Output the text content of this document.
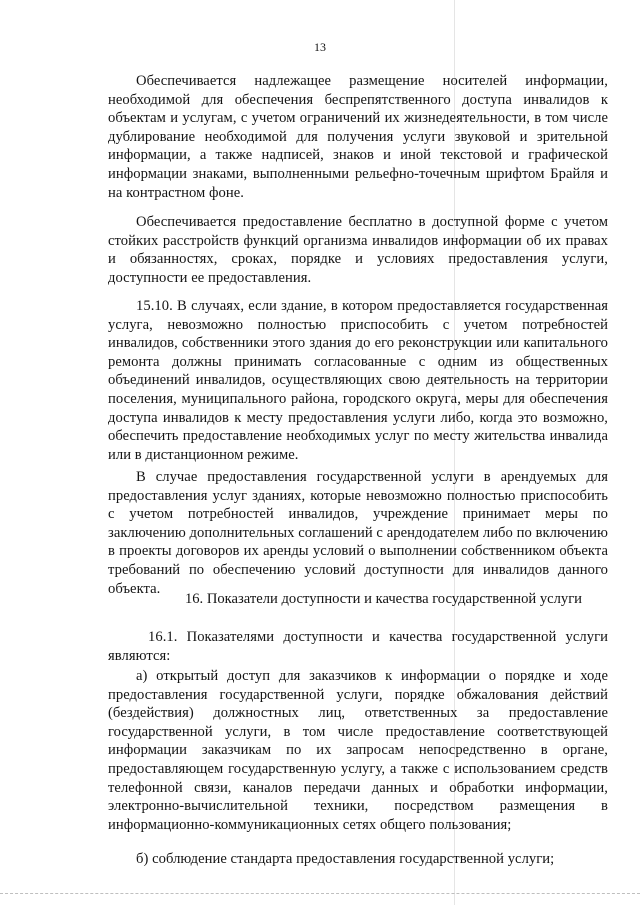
13
Обеспечивается надлежащее размещение носителей информации, необходимой для обеспечения беспрепятственного доступа инвалидов к объектам и услугам, с учетом ограничений их жизнедеятельности, в том числе дублирование необходимой для получения услуги звуковой и зрительной информации, а также надписей, знаков и иной текстовой и графической информации знаками, выполненными рельефно-точечным шрифтом Брайля и на контрастном фоне.
Обеспечивается предоставление бесплатно в доступной форме с учетом стойких расстройств функций организма инвалидов информации об их правах и обязанностях, сроках, порядке и условиях предоставления услуги, доступности ее предоставления.
15.10. В случаях, если здание, в котором предоставляется государственная услуга, невозможно полностью приспособить с учетом потребностей инвалидов, собственники этого здания до его реконструкции или капитального ремонта должны принимать согласованные с одним из общественных объединений инвалидов, осуществляющих свою деятельность на территории поселения, муниципального района, городского округа, меры для обеспечения доступа инвалидов к месту предоставления услуги либо, когда это возможно, обеспечить предоставление необходимых услуг по месту жительства инвалида или в дистанционном режиме.
В случае предоставления государственной услуги в арендуемых для предоставления услуг зданиях, которые невозможно полностью приспособить с учетом потребностей инвалидов, учреждение принимает меры по заключению дополнительных соглашений с арендодателем либо по включению в проекты договоров их аренды условий о выполнении собственником объекта требований по обеспечению условий доступности для инвалидов данного объекта.
16. Показатели доступности и качества государственной услуги
16.1. Показателями доступности и качества государственной услуги являются:
а) открытый доступ для заказчиков к информации о порядке и ходе предоставления государственной услуги, порядке обжалования действий (бездействия) должностных лиц, ответственных за предоставление государственной услуги, в том числе предоставление соответствующей информации заказчикам по их запросам непосредственно в органе, предоставляющем государственную услугу, а также с использованием средств телефонной связи, каналов передачи данных и обработки информации, электронно-вычислительной техники, посредством размещения в информационно-коммуникационных сетях общего пользования;
б) соблюдение стандарта предоставления государственной услуги;
